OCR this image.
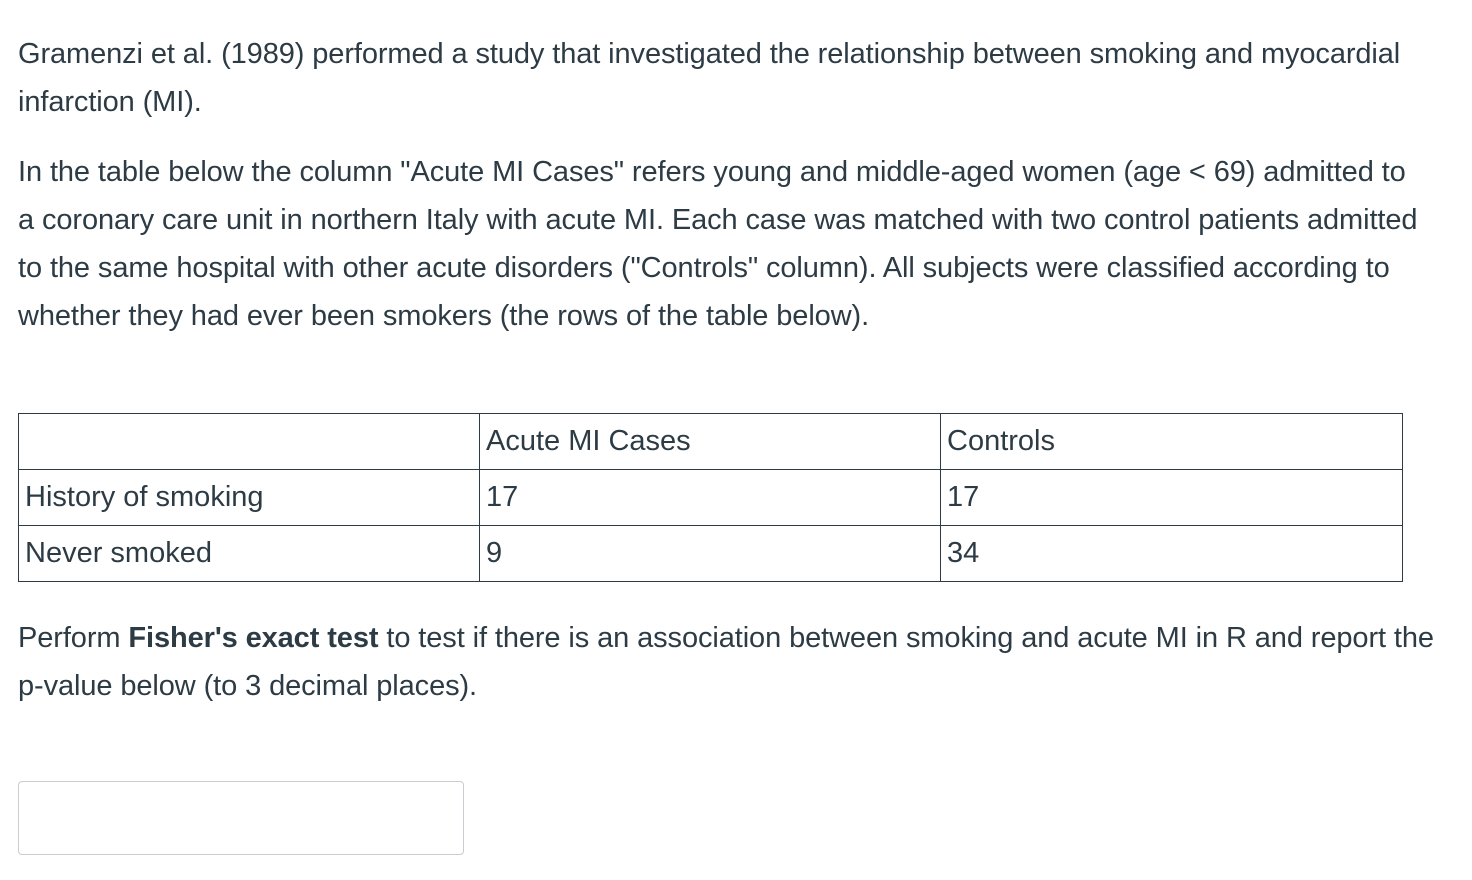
Gramenzi et al. (1989) performed a study that investigated the relationship between smoking and myocardial infarction (MI).

In the table below the column "Acute MI Cases" refers young and middle-aged women (age < 69) admitted to a coronary care unit in northern Italy with acute MI. Each case was matched with two control patients admitted to the same hospital with other acute disorders ("Controls" column). All subjects were classified according to whether they had ever been smokers (the rows of the table below).

	Acute MI Cases	Controls
History of smoking	17	17
Never smoked	9	34

Perform Fisher's exact test to test if there is an association between smoking and acute MI in R and report the p-value below (to 3 decimal places).
